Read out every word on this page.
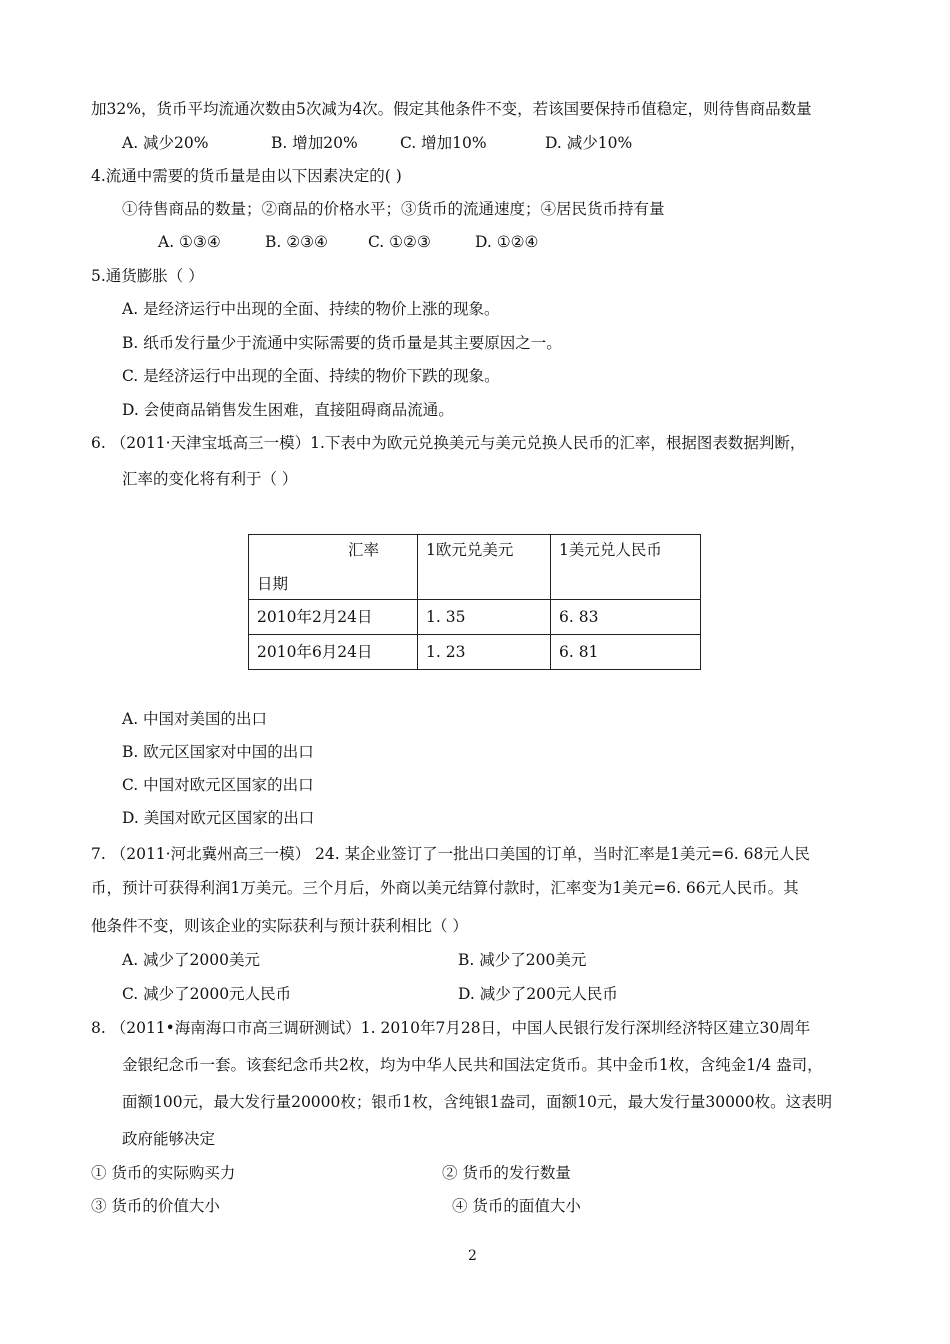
加32%，货币平均流通次数由5次减为4次。假定其他条件不变，若该国要保持币值稳定，则待售商品数量
A. 减少20%	B. 增加20%	C. 增加10%	D. 减少10%
4.流通中需要的货币量是由以下因素决定的( )
①待售商品的数量；②商品的价格水平；③货币的流通速度；④居民货币持有量
A. ①③④	B. ②③④	C. ①②③	D. ①②④
5.通货膨胀（ ）
A. 是经济运行中出现的全面、持续的物价上涨的现象。
B. 纸币发行量少于流通中实际需要的货币量是其主要原因之一。
C. 是经济运行中出现的全面、持续的物价下跌的现象。
D. 会使商品销售发生困难，直接阻碍商品流通。
6. （2011·天津宝坻高三一模）1.下表中为欧元兑换美元与美元兑换人民币的汇率，根据图表数据判断，
汇率的变化将有利于（ ）
汇率
日期	1欧元兑美元	1美元兑人民币

2010年2月24日	1. 35	6. 83
2010年6月24日	1. 23	6. 81
A. 中国对美国的出口
B. 欧元区国家对中国的出口
C. 中国对欧元区国家的出口
D. 美国对欧元区国家的出口
7. （2011·河北冀州高三一模） 24. 某企业签订了一批出口美国的订单，当时汇率是1美元=6. 68元人民
币，预计可获得利润1万美元。三个月后，外商以美元结算付款时，汇率变为1美元=6. 66元人民币。其
他条件不变，则该企业的实际获利与预计获利相比（ ）
A. 减少了2000美元	B. 减少了200美元
C. 减少了2000元人民币	D. 减少了200元人民币
8. （2011•海南海口市高三调研测试）1. 2010年7月28日，中国人民银行发行深圳经济特区建立30周年
金银纪念币一套。该套纪念币共2枚，均为中华人民共和国法定货币。其中金币1枚，含纯金1/4 盎司，
面额100元，最大发行量20000枚；银币1枚，含纯银1盎司，面额10元，最大发行量30000枚。这表明
政府能够决定
① 货币的实际购买力	② 货币的发行数量
③ 货币的价值大小	④ 货币的面值大小
2
